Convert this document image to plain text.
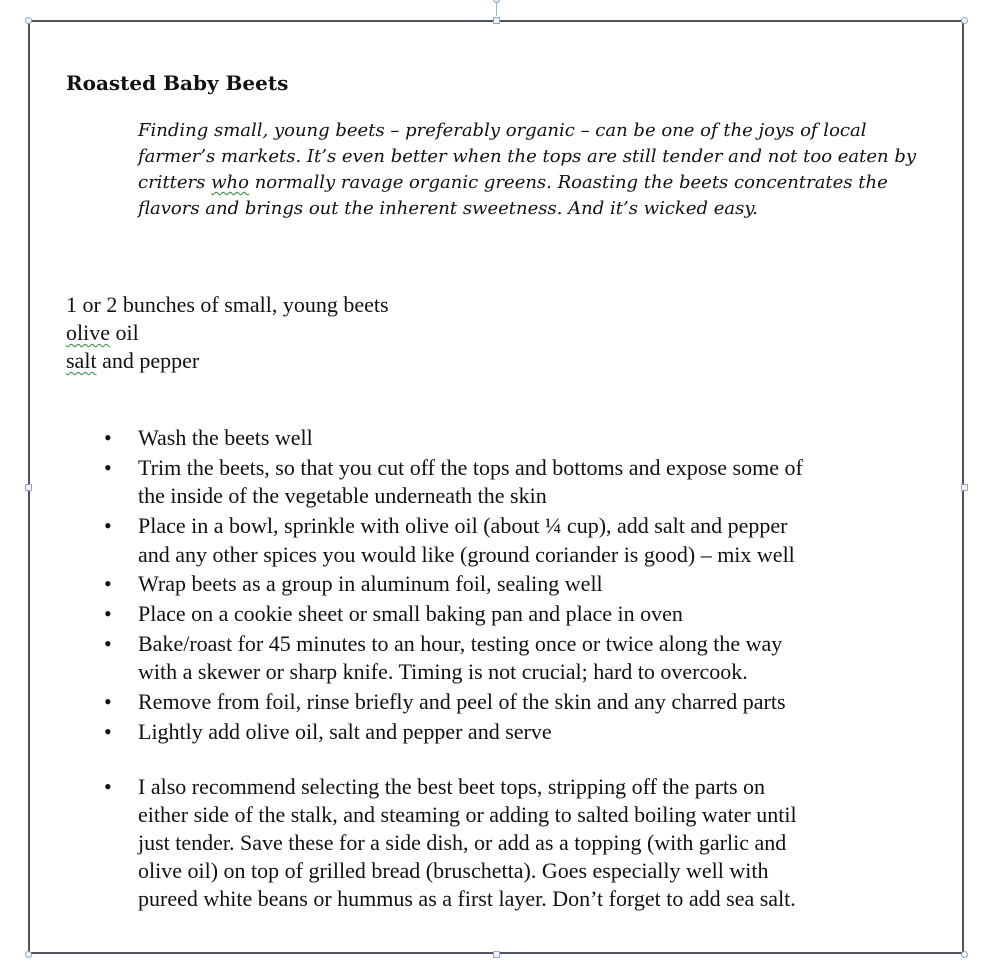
Roasted Baby Beets

Finding small, young beets – preferably organic – can be one of the joys of local
farmer’s markets. It’s even better when the tops are still tender and not too eaten by
critters who normally ravage organic greens. Roasting the beets concentrates the
flavors and brings out the inherent sweetness. And it’s wicked easy.

1 or 2 bunches of small, young beets
olive oil
salt and pepper
• Wash the beets well
• Trim the beets, so that you cut off the tops and bottoms and expose some of
the inside of the vegetable underneath the skin
• Place in a bowl, sprinkle with olive oil (about ¼ cup), add salt and pepper
and any other spices you would like (ground coriander is good) – mix well
• Wrap beets as a group in aluminum foil, sealing well
• Place on a cookie sheet or small baking pan and place in oven
• Bake/roast for 45 minutes to an hour, testing once or twice along the way
with a skewer or sharp knife. Timing is not crucial; hard to overcook.
• Remove from foil, rinse briefly and peel of the skin and any charred parts
• Lightly add olive oil, salt and pepper and serve
• I also recommend selecting the best beet tops, stripping off the parts on
either side of the stalk, and steaming or adding to salted boiling water until
just tender. Save these for a side dish, or add as a topping (with garlic and
olive oil) on top of grilled bread (bruschetta). Goes especially well with
pureed white beans or hummus as a first layer. Don’t forget to add sea salt.
